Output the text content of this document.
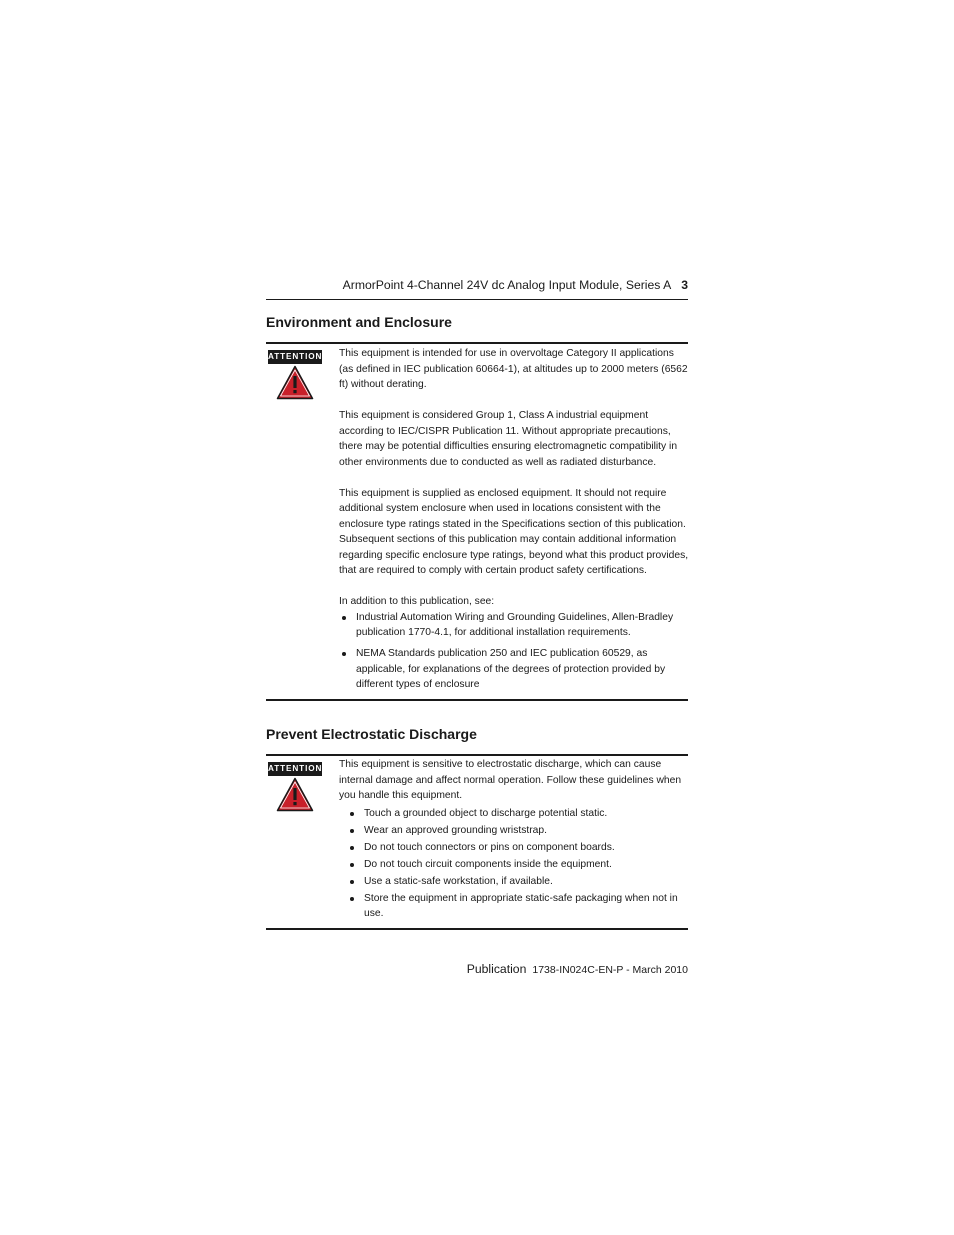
ArmorPoint 4-Channel 24V dc Analog Input Module, Series A 3
Environment and Enclosure
ATTENTION This equipment is intended for use in overvoltage Category II applications (as defined in IEC publication 60664-1), at altitudes up to 2000 meters (6562 ft) without derating.

This equipment is considered Group 1, Class A industrial equipment according to IEC/CISPR Publication 11. Without appropriate precautions, there may be potential difficulties ensuring electromagnetic compatibility in other environments due to conducted as well as radiated disturbance.

This equipment is supplied as enclosed equipment. It should not require additional system enclosure when used in locations consistent with the enclosure type ratings stated in the Specifications section of this publication. Subsequent sections of this publication may contain additional information regarding specific enclosure type ratings, beyond what this product provides, that are required to comply with certain product safety certifications.

In addition to this publication, see:

Industrial Automation Wiring and Grounding Guidelines, Allen-Bradley publication 1770-4.1, for additional installation requirements.
NEMA Standards publication 250 and IEC publication 60529, as applicable, for explanations of the degrees of protection provided by different types of enclosure
Prevent Electrostatic Discharge
ATTENTION This equipment is sensitive to electrostatic discharge, which can cause internal damage and affect normal operation. Follow these guidelines when you handle this equipment.

Touch a grounded object to discharge potential static.
Wear an approved grounding wriststrap.
Do not touch connectors or pins on component boards.
Do not touch circuit components inside the equipment.
Use a static-safe workstation, if available.
Store the equipment in appropriate static-safe packaging when not in use.
Publication 1738-IN024C-EN-P - March 2010
